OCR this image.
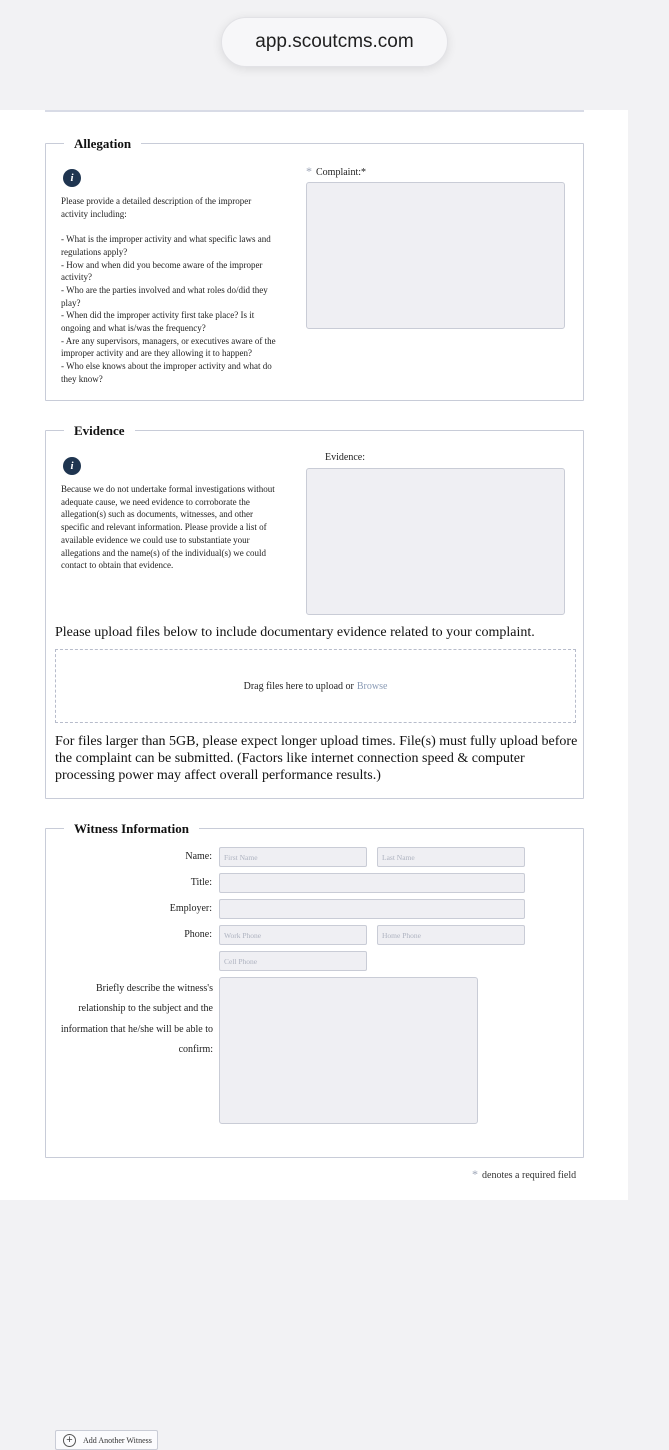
app.scoutcms.com
Allegation
i
Please provide a detailed description of the improper
activity including:

- What is the improper activity and what specific laws and
regulations apply?
- How and when did you become aware of the improper
activity?
- Who are the parties involved and what roles do/did they
play?
- When did the improper activity first take place? Is it
ongoing and what is/was the frequency?
- Are any supervisors, managers, or executives aware of the
improper activity and are they allowing it to happen?
- Who else knows about the improper activity and what do
they know?
* Complaint:*
Evidence
i
Because we do not undertake formal investigations without
adequate cause, we need evidence to corroborate the
allegation(s) such as documents, witnesses, and other
specific and relevant information. Please provide a list of
available evidence we could use to substantiate your
allegations and the name(s) of the individual(s) we could
contact to obtain that evidence.
Evidence:
Please upload files below to include documentary evidence related to your complaint.
Drag files here to upload or Browse
For files larger than 5GB, please expect longer upload times. File(s) must fully upload before the complaint can be submitted. (Factors like internet connection speed & computer processing power may affect overall performance results.)
Witness Information
Name:	First Name	Last Name
Title:
Employer:
Phone:	Work Phone	Home Phone
Cell Phone
Briefly describe the witness's relationship to the subject and the information that he/she will be able to confirm:
+	Add Another Witness
* denotes a required field
